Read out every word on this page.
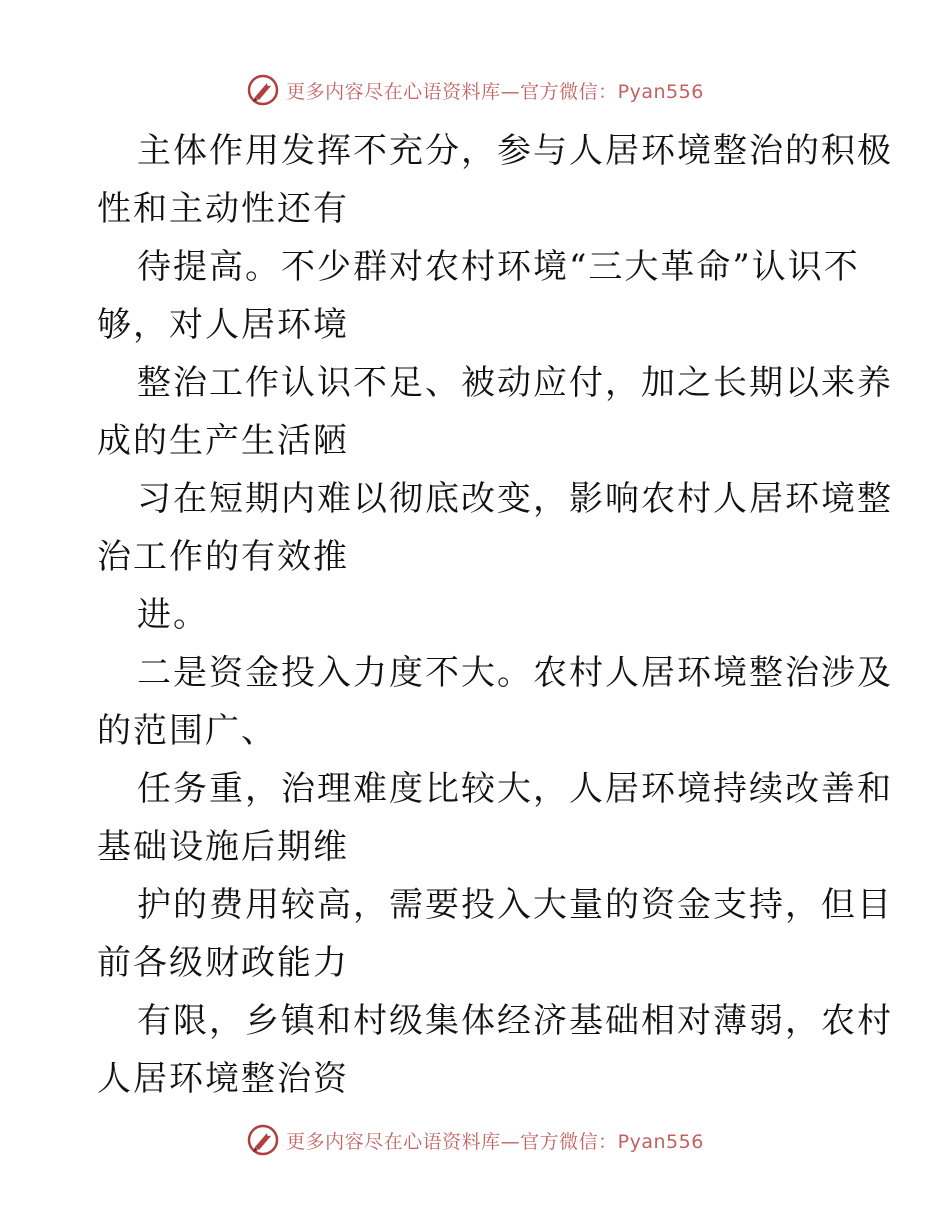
更多内容尽在心语资料库—官方微信：Pyan556
主体作用发挥不充分，参与人居环境整治的积极
性和主动性还有
待提高。不少群对农村环境“三大革命”认识不
够，对人居环境
整治工作认识不足、被动应付，加之长期以来养
成的生产生活陋
习在短期内难以彻底改变，影响农村人居环境整
治工作的有效推
进。
二是资金投入力度不大。农村人居环境整治涉及
的范围广、
任务重，治理难度比较大，人居环境持续改善和
基础设施后期维
护的费用较高，需要投入大量的资金支持，但目
前各级财政能力
有限，乡镇和村级集体经济基础相对薄弱，农村
人居环境整治资
更多内容尽在心语资料库—官方微信：Pyan556
